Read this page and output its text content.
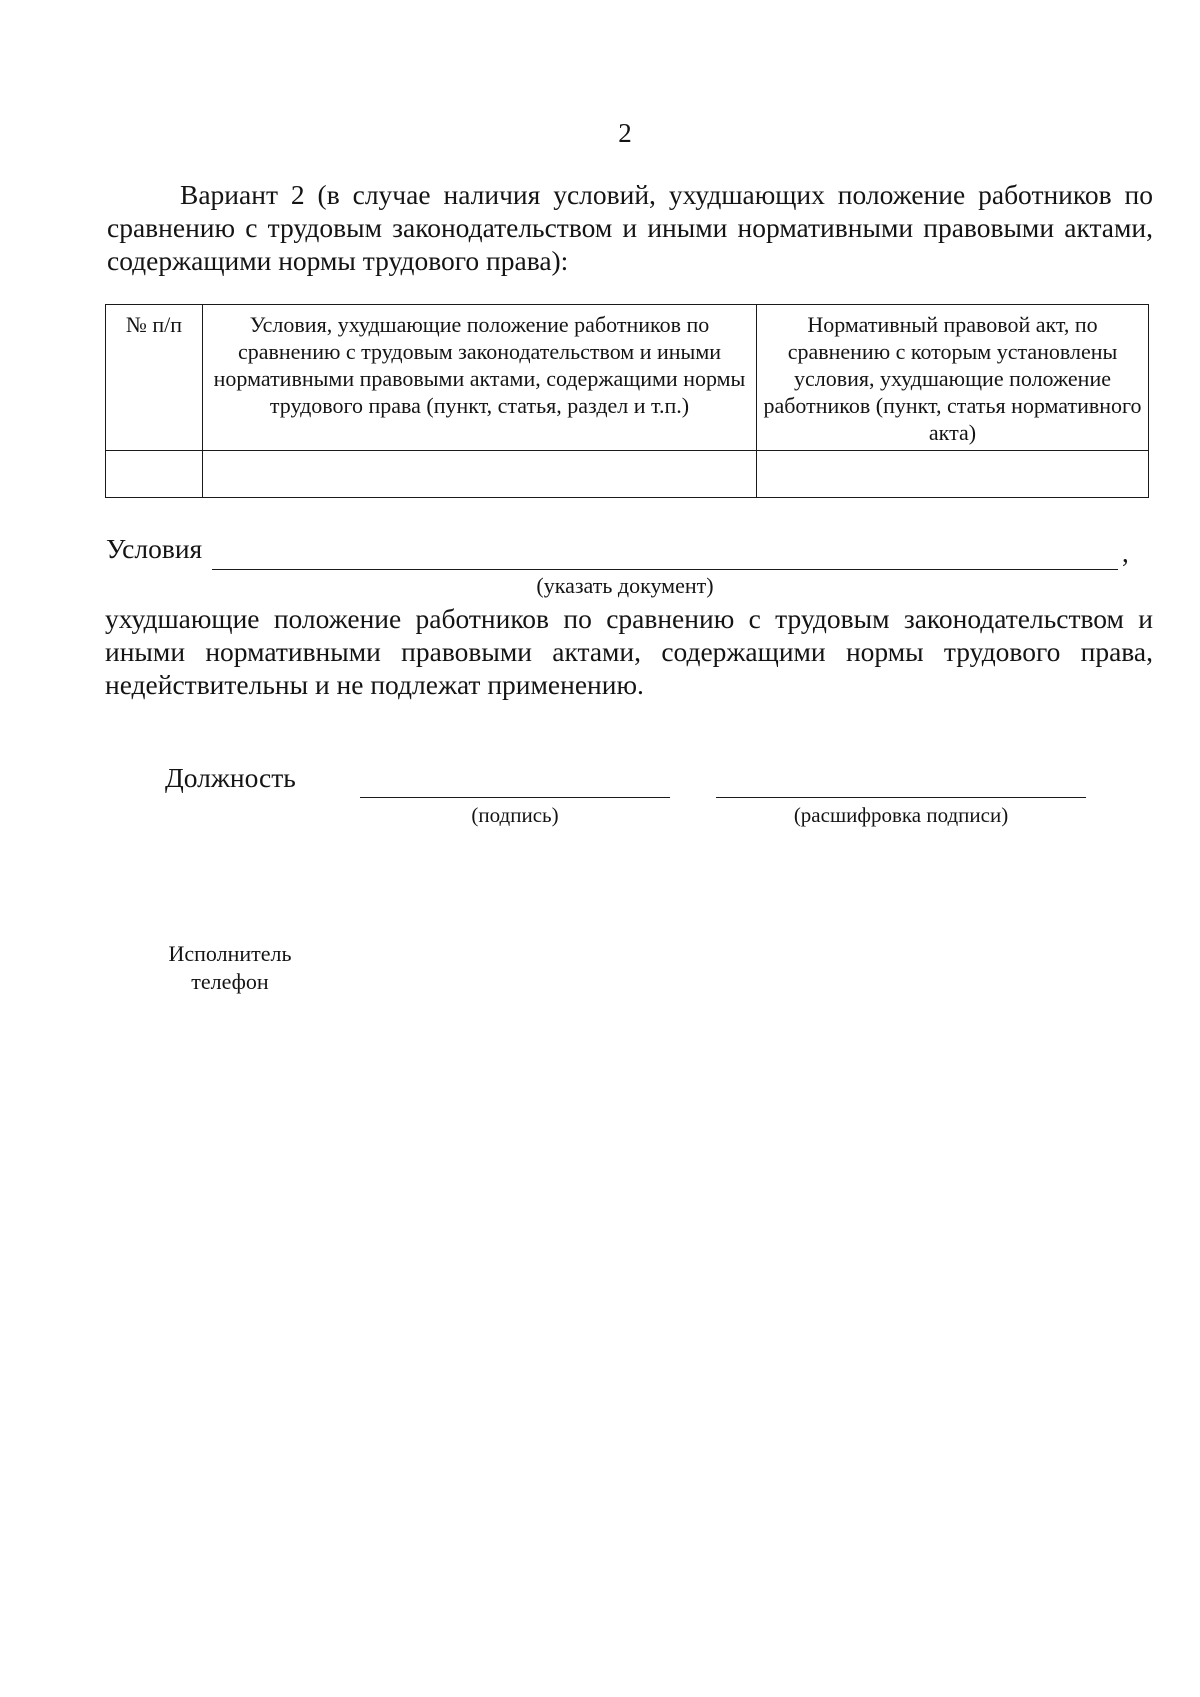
2

Вариант 2 (в случае наличия условий, ухудшающих положение работников по сравнению с трудовым законодательством и иными нормативными правовыми актами, содержащими нормы трудового права):

№ п/п	Условия, ухудшающие положение работников по сравнению с трудовым законодательством и иными нормативными правовыми актами, содержащими нормы трудового права (пункт, статья, раздел и т.п.)	Нормативный правовой акт, по сравнению с которым установлены условия, ухудшающие положение работников (пункт, статья нормативного акта)

Условия	,
(указать документ)

ухудшающие положение работников по сравнению с трудовым законодательством и иными нормативными правовыми актами, содержащими нормы трудового права, недействительны и не подлежат применению.

Должность
(подпись)	(расшифровка подписи)
Исполнитель
телефон
